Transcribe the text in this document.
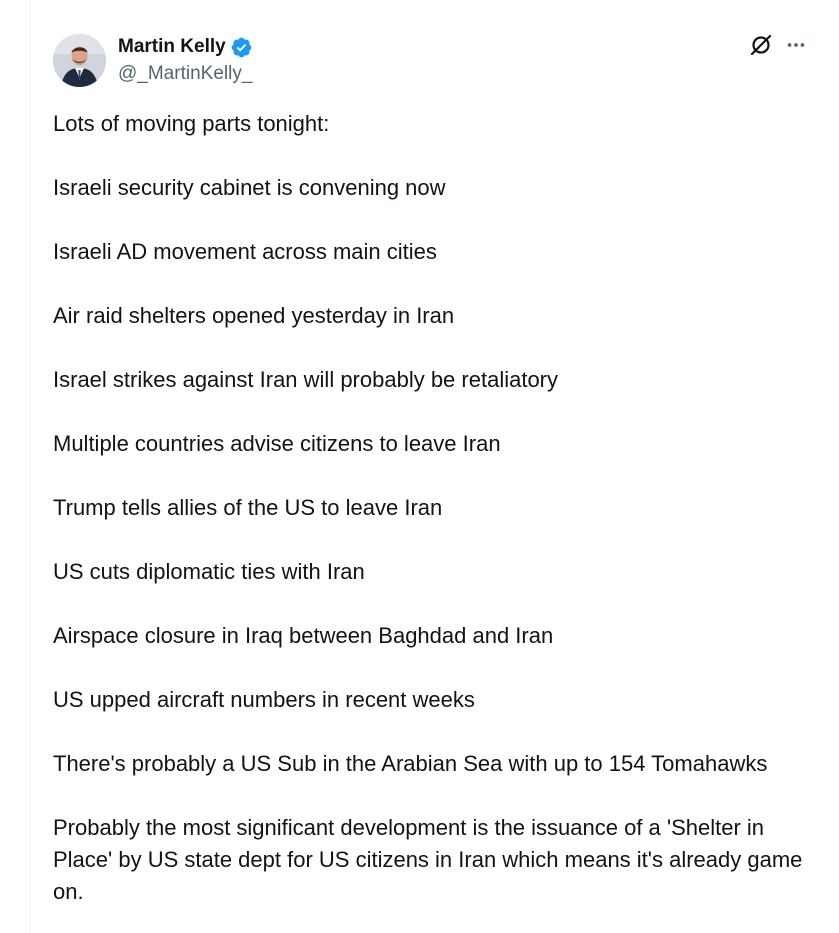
Martin Kelly
@_MartinKelly_

Lots of moving parts tonight:

Israeli security cabinet is convening now

Israeli AD movement across main cities

Air raid shelters opened yesterday in Iran

Israel strikes against Iran will probably be retaliatory

Multiple countries advise citizens to leave Iran

Trump tells allies of the US to leave Iran

US cuts diplomatic ties with Iran

Airspace closure in Iraq between Baghdad and Iran

US upped aircraft numbers in recent weeks

There's probably a US Sub in the Arabian Sea with up to 154 Tomahawks

Probably the most significant development is the issuance of a 'Shelter in Place' by US state dept for US citizens in Iran which means it's already game on.
